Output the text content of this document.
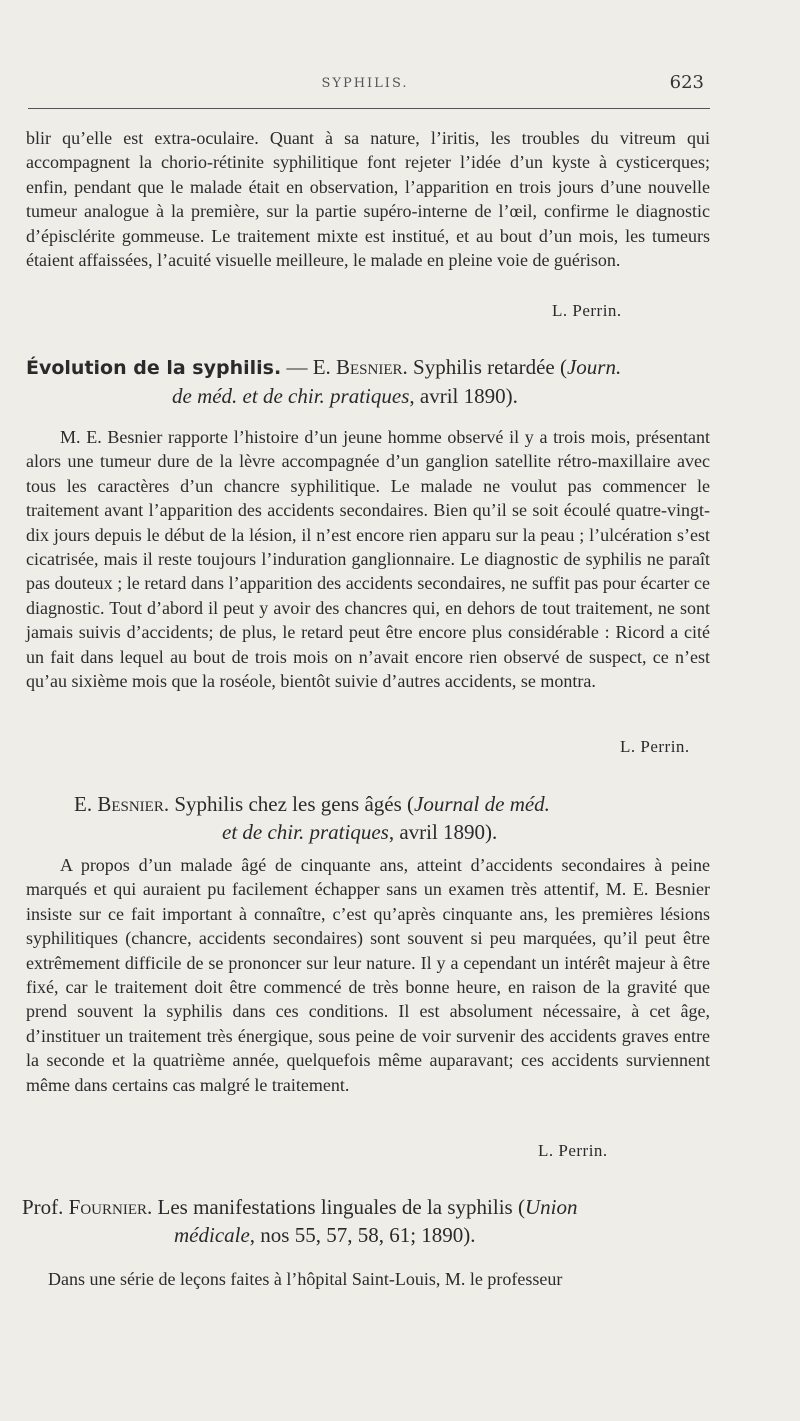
SYPHILIS.	623

blir qu’elle est extra-oculaire. Quant à sa nature, l’iritis, les troubles du vitreum qui accompagnent la chorio-rétinite syphilitique font rejeter l’idée d’un kyste à cysticerques; enfin, pendant que le malade était en observation, l’apparition en trois jours d’une nouvelle tumeur analogue à la première, sur la partie supéro-interne de l’œil, confirme le diagnostic d’épisclérite gommeuse. Le traitement mixte est institué, et au bout d’un mois, les tumeurs étaient affaissées, l’acuité visuelle meilleure, le malade en pleine voie de guérison.

L. Perrin.

Évolution de la syphilis. — E. Besnier. Syphilis retardée (Journ.
de méd. et de chir. pratiques, avril 1890).

M. E. Besnier rapporte l’histoire d’un jeune homme observé il y a trois mois, présentant alors une tumeur dure de la lèvre accompagnée d’un ganglion satellite rétro-maxillaire avec tous les caractères d’un chancre syphilitique. Le malade ne voulut pas commencer le traitement avant l’apparition des accidents secondaires. Bien qu’il se soit écoulé quatre-vingt-dix jours depuis le début de la lésion, il n’est encore rien apparu sur la peau ; l’ulcération s’est cicatrisée, mais il reste toujours l’induration ganglionnaire. Le diagnostic de syphilis ne paraît pas douteux ; le retard dans l’apparition des accidents secondaires, ne suffit pas pour écarter ce diagnostic. Tout d’abord il peut y avoir des chancres qui, en dehors de tout traitement, ne sont jamais suivis d’accidents; de plus, le retard peut être encore plus considérable : Ricord a cité un fait dans lequel au bout de trois mois on n’avait encore rien observé de suspect, ce n’est qu’au sixième mois que la roséole, bientôt suivie d’autres accidents, se montra.

L. Perrin.

E. Besnier. Syphilis chez les gens âgés (Journal de méd.
et de chir. pratiques, avril 1890).

A propos d’un malade âgé de cinquante ans, atteint d’accidents secondaires à peine marqués et qui auraient pu facilement échapper sans un examen très attentif, M. E. Besnier insiste sur ce fait important à connaître, c’est qu’après cinquante ans, les premières lésions syphilitiques (chancre, accidents secondaires) sont souvent si peu marquées, qu’il peut être extrêmement difficile de se prononcer sur leur nature. Il y a cependant un intérêt majeur à être fixé, car le traitement doit être commencé de très bonne heure, en raison de la gravité que prend souvent la syphilis dans ces conditions. Il est absolument nécessaire, à cet âge, d’instituer un traitement très énergique, sous peine de voir survenir des accidents graves entre la seconde et la quatrième année, quelquefois même auparavant; ces accidents surviennent même dans certains cas malgré le traitement.

L. Perrin.

Prof. Fournier. Les manifestations linguales de la syphilis (Union
médicale, nos 55, 57, 58, 61; 1890).

Dans une série de leçons faites à l’hôpital Saint-Louis, M. le professeur
